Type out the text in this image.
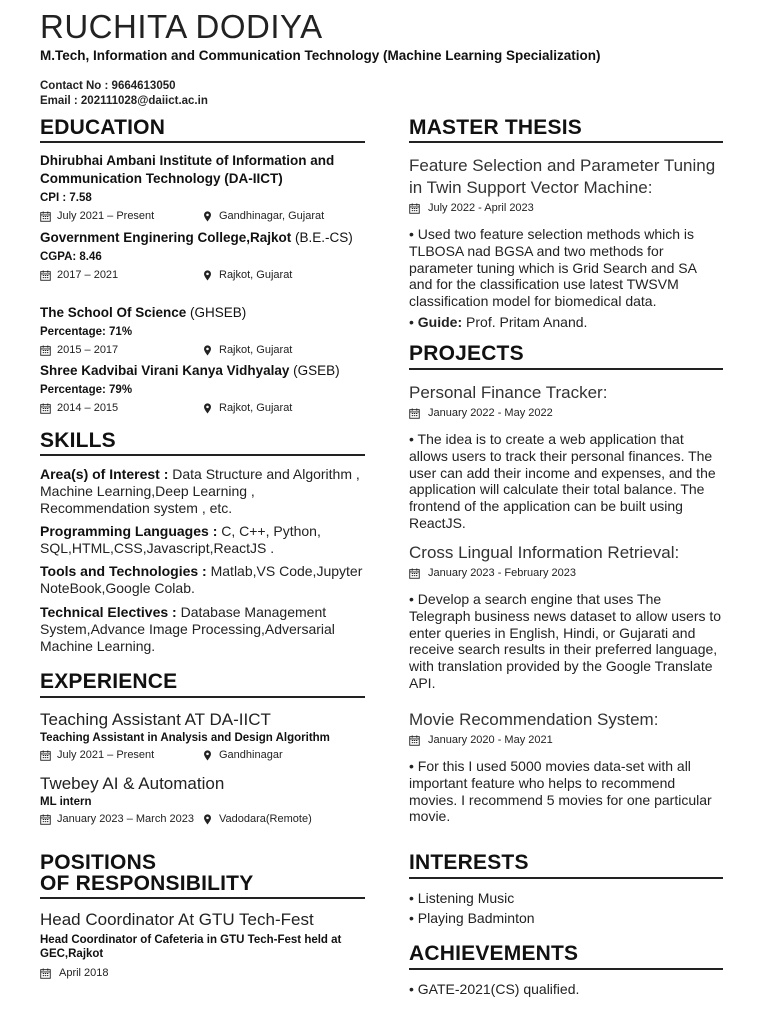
RUCHITA DODIYA
M.Tech, Information and Communication Technology (Machine Learning Specialization)
Contact No : 9664613050
Email : 202111028@daiict.ac.in
EDUCATION
Dhirubhai Ambani Institute of Information and Communication Technology (DA-IICT)
CPI : 7.58
July 2021 – Present	Gandhinagar, Gujarat
Government Enginering College,Rajkot (B.E.-CS)
CGPA: 8.46
2017 – 2021	Rajkot, Gujarat
The School Of Science (GHSEB)
Percentage: 71%
2015 – 2017	Rajkot, Gujarat
Shree Kadvibai Virani Kanya Vidhyalay (GSEB)
Percentage: 79%
2014 – 2015	Rajkot, Gujarat
SKILLS
Area(s) of Interest : Data Structure and Algorithm , Machine Learning,Deep Learning , Recommendation system , etc.
Programming Languages : C, C++, Python, SQL,HTML,CSS,Javascript,ReactJS .
Tools and Technologies : Matlab,VS Code,Jupyter NoteBook,Google Colab.
Technical Electives : Database Management System,Advance Image Processing,Adversarial Machine Learning.
EXPERIENCE
Teaching Assistant AT DA-IICT
Teaching Assistant in Analysis and Design Algorithm
July 2021 – Present	Gandhinagar
Twebey AI & Automation
ML intern
January 2023 – March 2023 Vadodara(Remote)
POSITIONS
OF RESPONSIBILITY
Head Coordinator At GTU Tech-Fest
Head Coordinator of Cafeteria in GTU Tech-Fest held at GEC,Rajkot
April 2018
MASTER THESIS
Feature Selection and Parameter Tuning in Twin Support Vector Machine:
July 2022 - April 2023
• Used two feature selection methods which is TLBOSA nad BGSA and two methods for parameter tuning which is Grid Search and SA and for the classification use latest TWSVM classification model for biomedical data.
• Guide: Prof. Pritam Anand.
PROJECTS
Personal Finance Tracker:
January 2022 - May 2022
• The idea is to create a web application that allows users to track their personal finances. The user can add their income and expenses, and the application will calculate their total balance. The frontend of the application can be built using ReactJS.
Cross Lingual Information Retrieval:
January 2023 - February 2023
• Develop a search engine that uses The Telegraph business news dataset to allow users to enter queries in English, Hindi, or Gujarati and receive search results in their preferred language, with translation provided by the Google Translate API.
Movie Recommendation System:
January 2020 - May 2021
• For this I used 5000 movies data-set with all important feature who helps to recommend movies. I recommend 5 movies for one particular movie.
INTERESTS
• Listening Music
• Playing Badminton
ACHIEVEMENTS
• GATE-2021(CS) qualified.
